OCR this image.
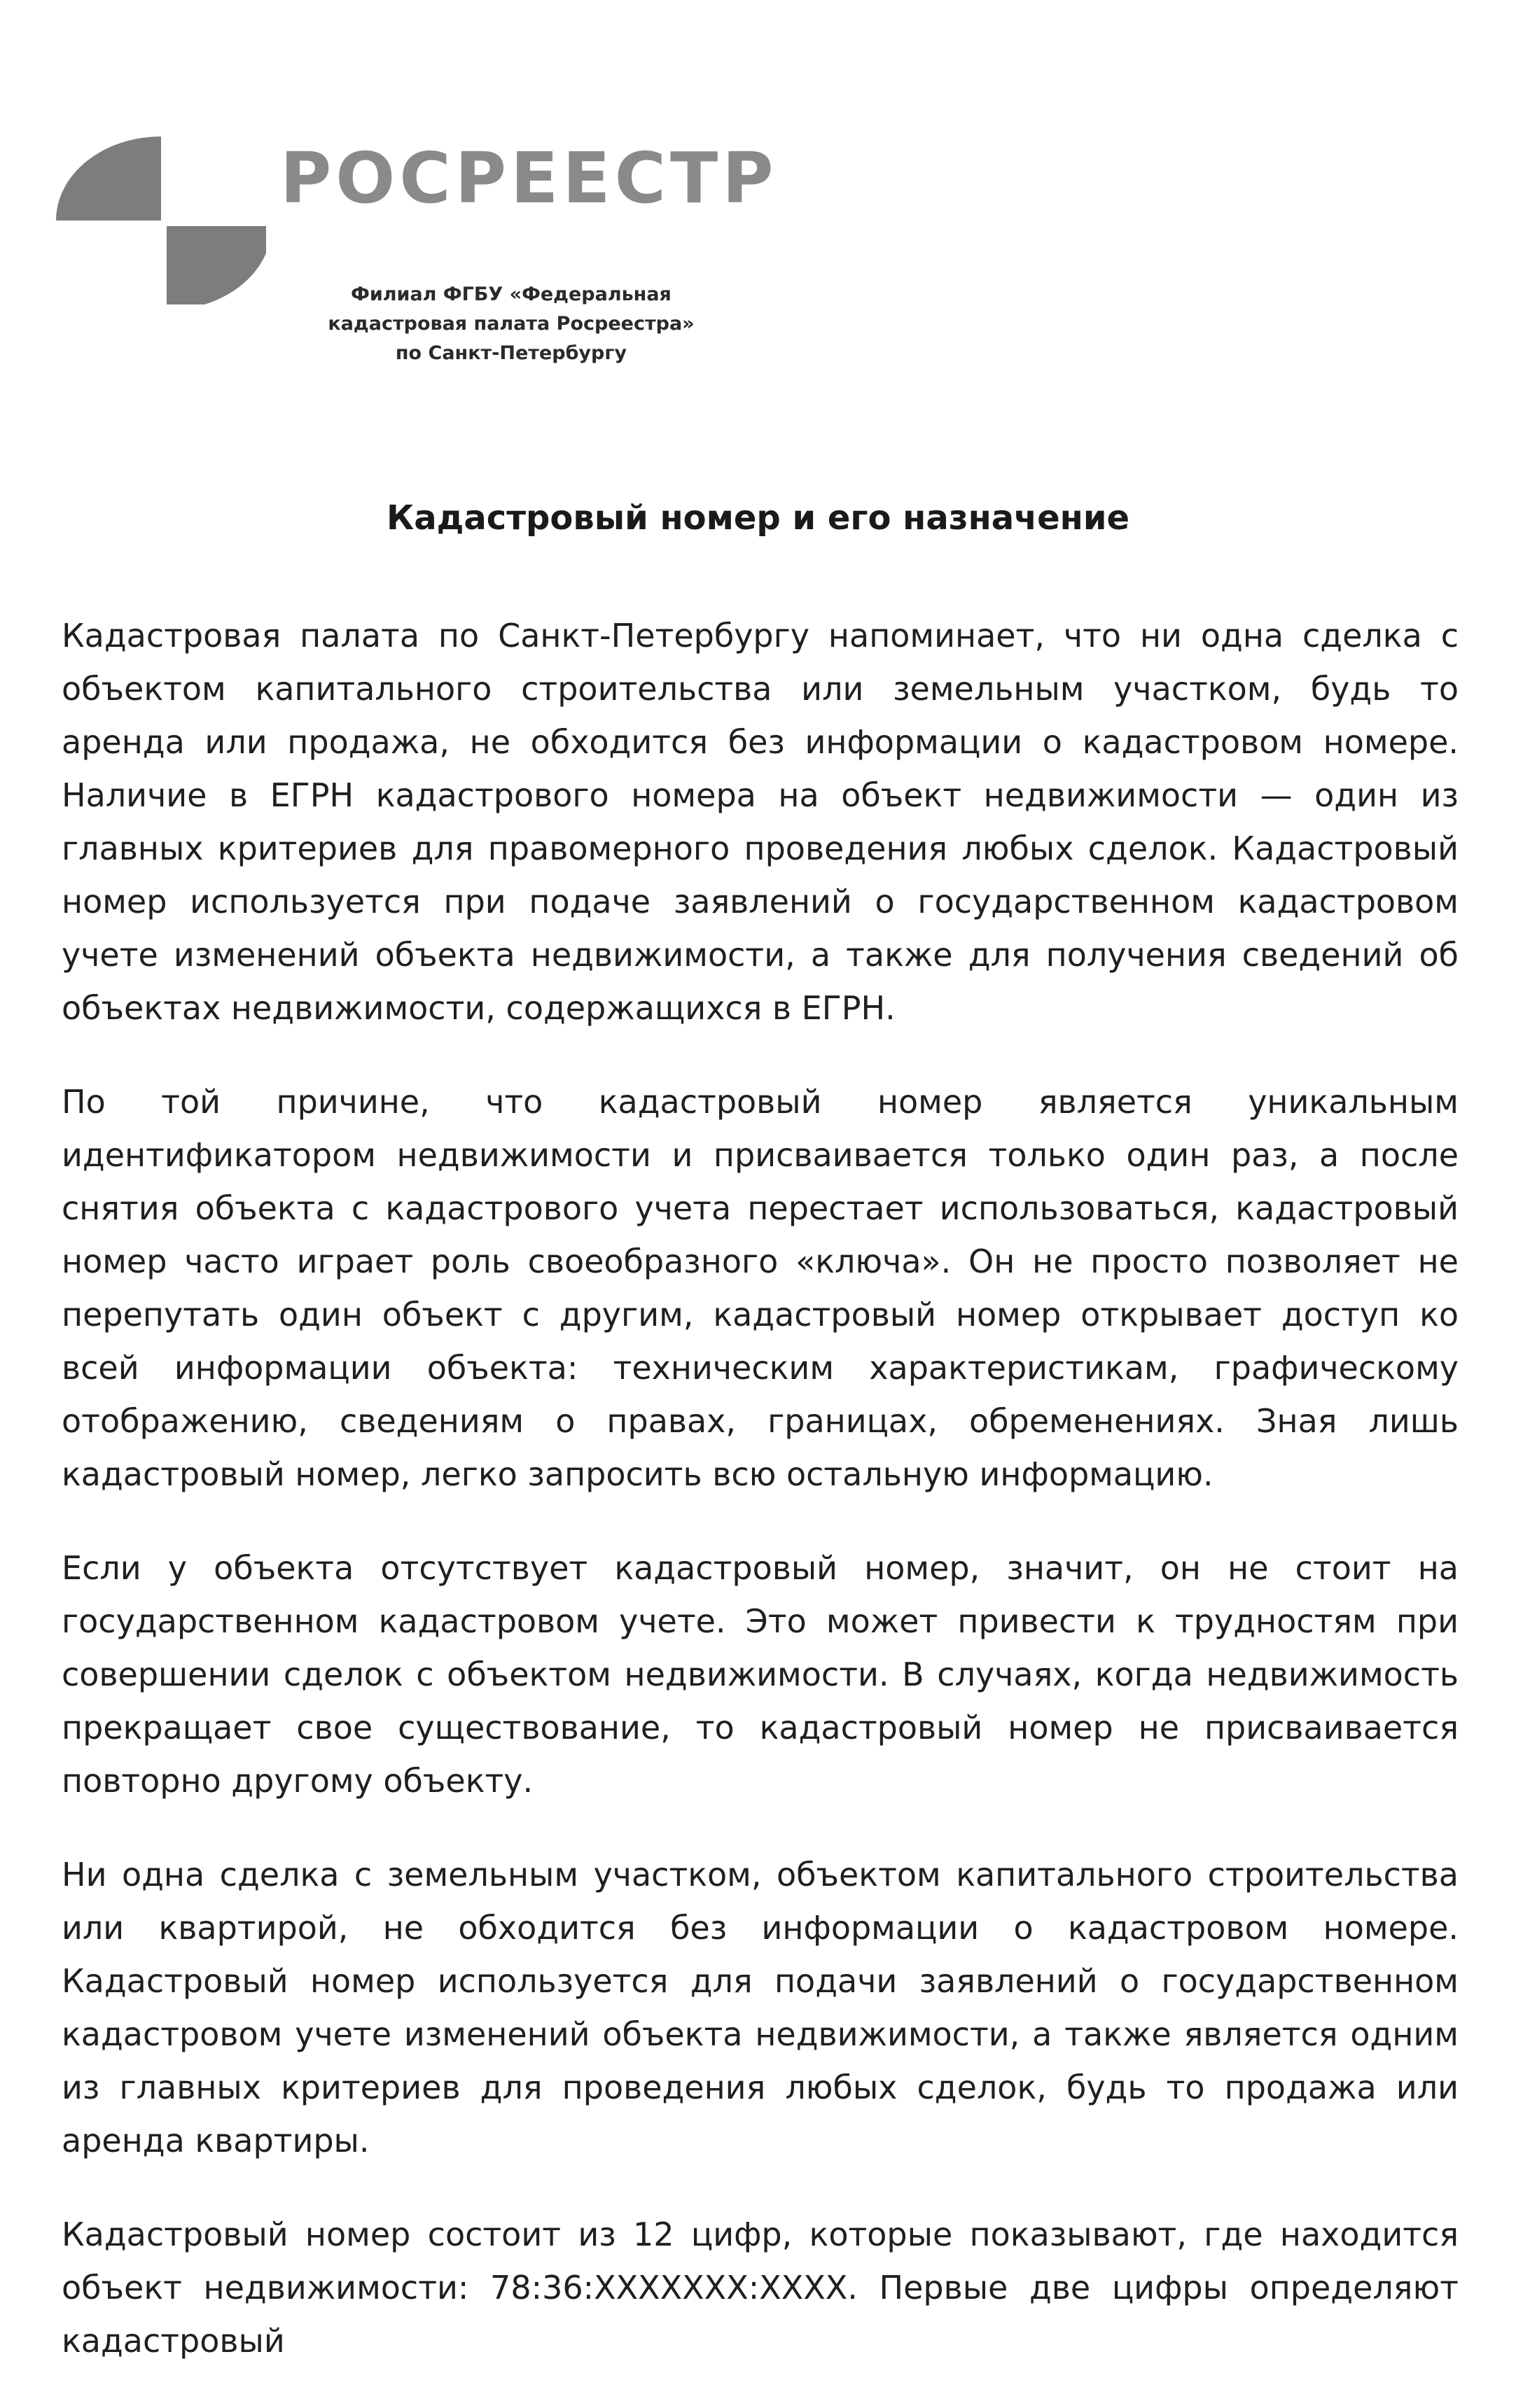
РОСРЕЕСТР
Филиал ФГБУ «Федеральная
кадастровая палата Росреестра»
по Санкт-Петербургу
Кадастровый номер и его назначение

Кадастровая палата по Санкт-Петербургу напоминает, что ни одна сделка с объектом капитального строительства или земельным участком, будь то аренда или продажа, не обходится без информации о кадастровом номере. Наличие в ЕГРН кадастрового номера на объект недвижимости — один из главных критериев для правомерного проведения любых сделок. Кадастровый номер используется при подаче заявлений о государственном кадастровом учете изменений объекта недвижимости, а также для получения сведений об объектах недвижимости, содержащихся в ЕГРН.

По той причине, что кадастровый номер является уникальным идентификатором недвижимости и присваивается только один раз, а после снятия объекта с кадастрового учета перестает использоваться, кадастровый номер часто играет роль своеобразного «ключа». Он не просто позволяет не перепутать один объект с другим, кадастровый номер открывает доступ ко всей информации объекта: техническим характеристикам, графическому отображению, сведениям о правах, границах, обременениях. Зная лишь кадастровый номер, легко запросить всю остальную информацию.

Если у объекта отсутствует кадастровый номер, значит, он не стоит на государственном кадастровом учете. Это может привести к трудностям при совершении сделок с объектом недвижимости. В случаях, когда недвижимость прекращает свое существование, то кадастровый номер не присваивается повторно другому объекту.

Ни одна сделка с земельным участком, объектом капитального строительства или квартирой, не обходится без информации о кадастровом номере. Кадастровый номер используется для подачи заявлений о государственном кадастровом учете изменений объекта недвижимости, а также является одним из главных критериев для проведения любых сделок, будь то продажа или аренда квартиры.

Кадастровый номер состоит из 12 цифр, которые показывают, где находится объект недвижимости: 78:36:XXXXXXX:XXXX. Первые две цифры определяют кадастровый
